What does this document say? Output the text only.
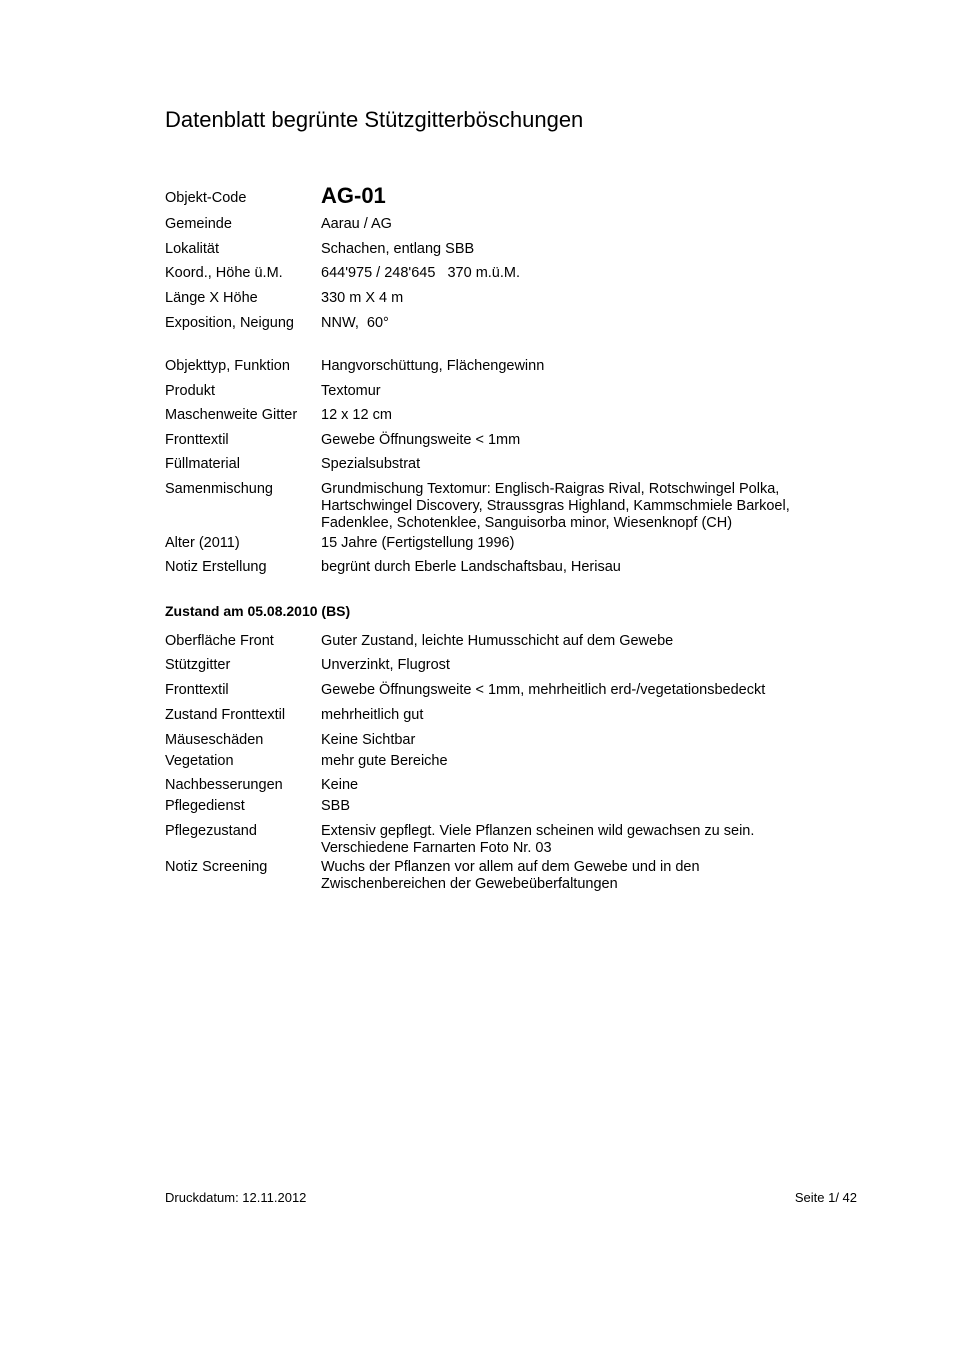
Datenblatt begrünte Stützgitterböschungen
Objekt-Code	AG-01
Gemeinde	Aarau / AG
Lokalität	Schachen, entlang SBB
Koord., Höhe ü.M.	644'975 / 248'645   370 m.ü.M.
Länge X Höhe	330 m X 4 m
Exposition, Neigung	NNW,  60°
Objekttyp, Funktion	Hangvorschüttung, Flächengewinn
Produkt	Textomur
Maschenweite Gitter	12 x 12 cm
Fronttextil	Gewebe Öffnungsweite < 1mm
Füllmaterial	Spezialsubstrat
Samenmischung	Grundmischung Textomur: Englisch-Raigras Rival, Rotschwingel Polka, Hartschwingel Discovery, Straussgras Highland, Kammschmiele Barkoel, Fadenklee, Schotenklee, Sanguisorba minor, Wiesenknopf (CH)
Alter (2011)	15 Jahre (Fertigstellung 1996)
Notiz Erstellung	begrünt durch Eberle Landschaftsbau, Herisau
Zustand am 05.08.2010 (BS)
Oberfläche Front	Guter Zustand, leichte Humusschicht auf dem Gewebe
Stützgitter	Unverzinkt, Flugrost
Fronttextil	Gewebe Öffnungsweite < 1mm, mehrheitlich erd-/vegetationsbedeckt
Zustand Fronttextil	mehrheitlich gut
Mäuseschäden	Keine Sichtbar
Vegetation	mehr gute Bereiche
Nachbesserungen	Keine
Pflegedienst	SBB
Pflegezustand	Extensiv gepflegt. Viele Pflanzen scheinen wild gewachsen zu sein. Verschiedene Farnarten Foto Nr. 03
Notiz Screening	Wuchs der Pflanzen vor allem auf dem Gewebe und in den Zwischenbereichen der Gewebeüberfaltungen
Druckdatum: 12.11.2012	Seite 1/ 42
